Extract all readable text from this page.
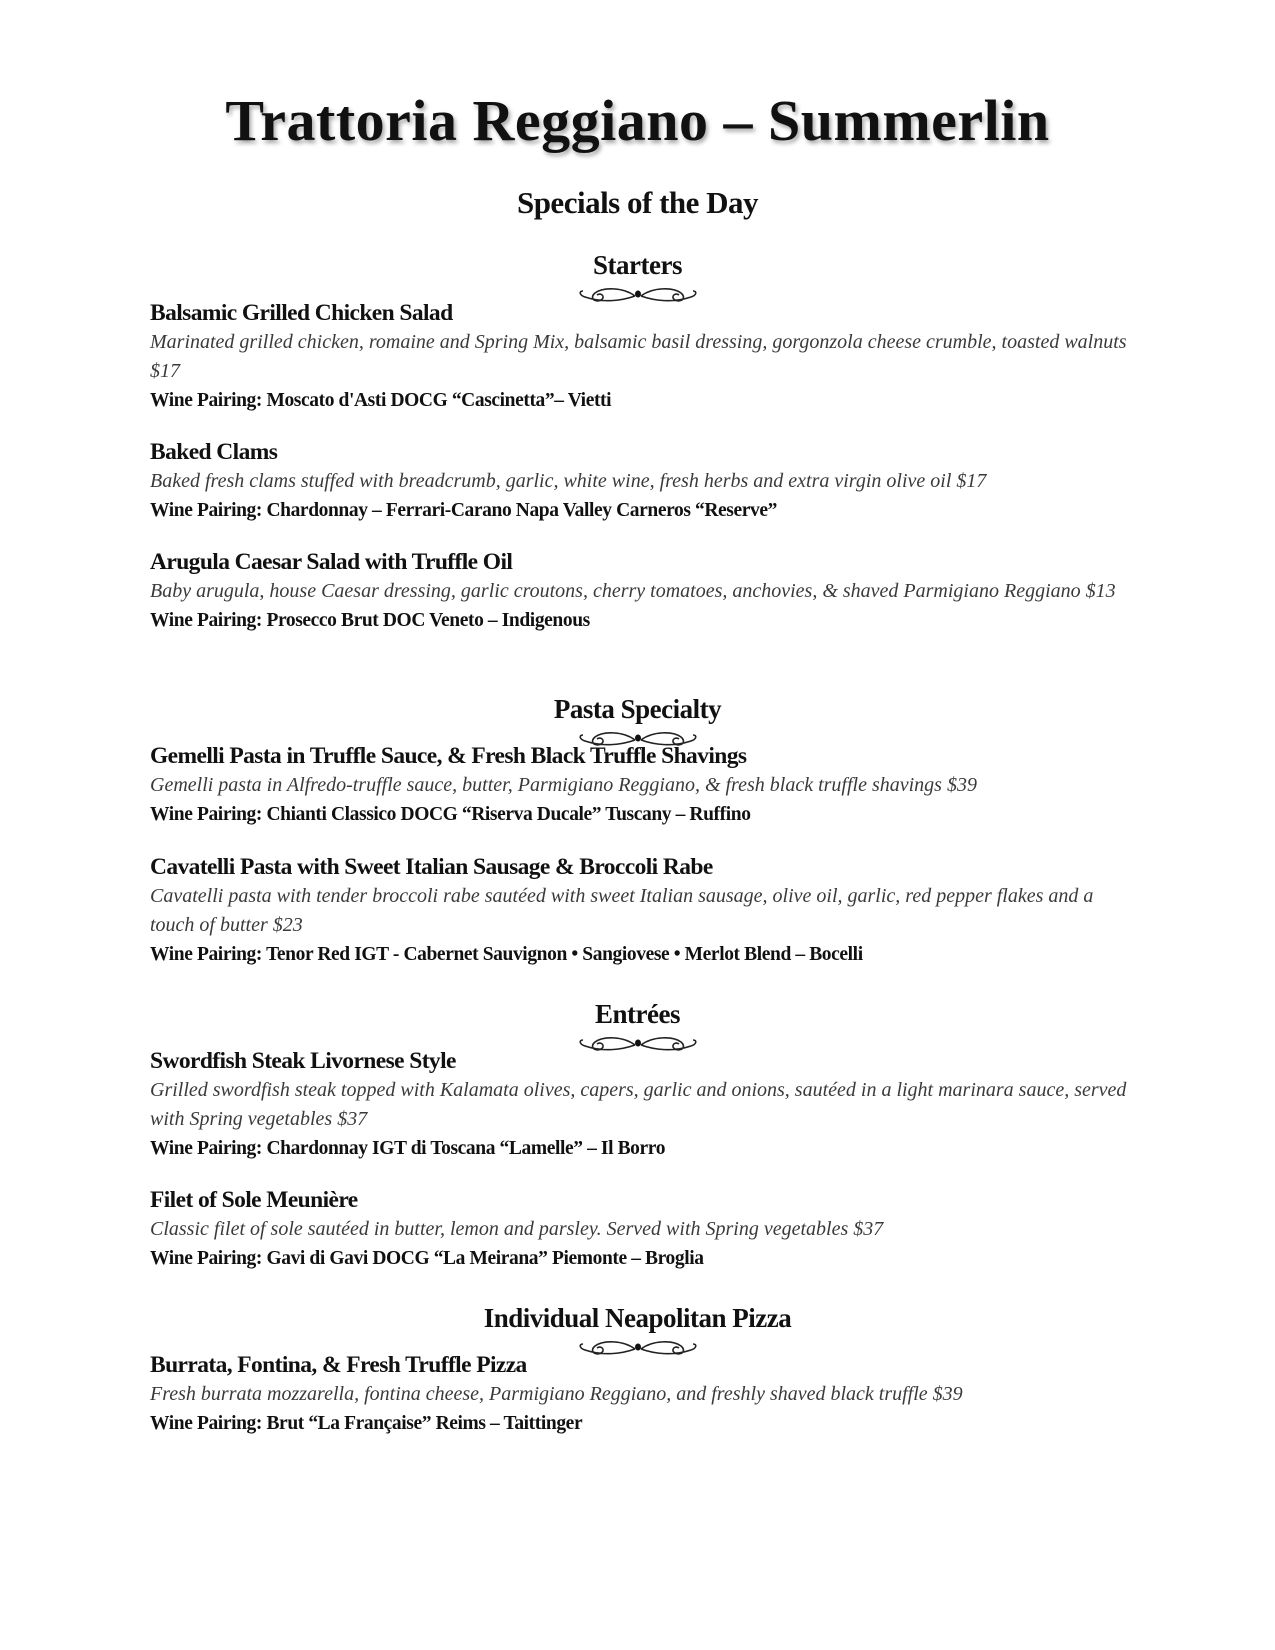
Trattoria Reggiano – Summerlin
Specials of the Day
Starters
Balsamic Grilled Chicken Salad
Marinated grilled chicken, romaine and Spring Mix, balsamic basil dressing, gorgonzola cheese crumble, toasted walnuts $17
Wine Pairing: Moscato d'Asti DOCG “Cascinetta”– Vietti
Baked Clams
Baked fresh clams stuffed with breadcrumb, garlic, white wine, fresh herbs and extra virgin olive oil $17
Wine Pairing: Chardonnay – Ferrari-Carano Napa Valley Carneros “Reserve”
Arugula Caesar Salad with Truffle Oil
Baby arugula, house Caesar dressing, garlic croutons, cherry tomatoes, anchovies, & shaved Parmigiano Reggiano $13
Wine Pairing: Prosecco Brut DOC Veneto – Indigenous
Pasta Specialty
Gemelli Pasta in Truffle Sauce, & Fresh Black Truffle Shavings
Gemelli pasta in Alfredo-truffle sauce, butter, Parmigiano Reggiano, & fresh black truffle shavings $39
Wine Pairing: Chianti Classico DOCG “Riserva Ducale” Tuscany – Ruffino
Cavatelli Pasta with Sweet Italian Sausage & Broccoli Rabe
Cavatelli pasta with tender broccoli rabe sautéed with sweet Italian sausage, olive oil, garlic, red pepper flakes and a touch of butter $23
Wine Pairing: Tenor Red IGT - Cabernet Sauvignon • Sangiovese • Merlot Blend – Bocelli
Entrées
Swordfish Steak Livornese Style
Grilled swordfish steak topped with Kalamata olives, capers, garlic and onions, sautéed in a light marinara sauce, served with Spring vegetables $37
Wine Pairing: Chardonnay IGT di Toscana “Lamelle” – Il Borro
Filet of Sole Meunière
Classic filet of sole sautéed in butter, lemon and parsley. Served with Spring vegetables $37
Wine Pairing: Gavi di Gavi DOCG “La Meirana” Piemonte – Broglia
Individual Neapolitan Pizza
Burrata, Fontina, & Fresh Truffle Pizza
Fresh burrata mozzarella, fontina cheese, Parmigiano Reggiano, and freshly shaved black truffle $39
Wine Pairing: Brut “La Française” Reims – Taittinger
